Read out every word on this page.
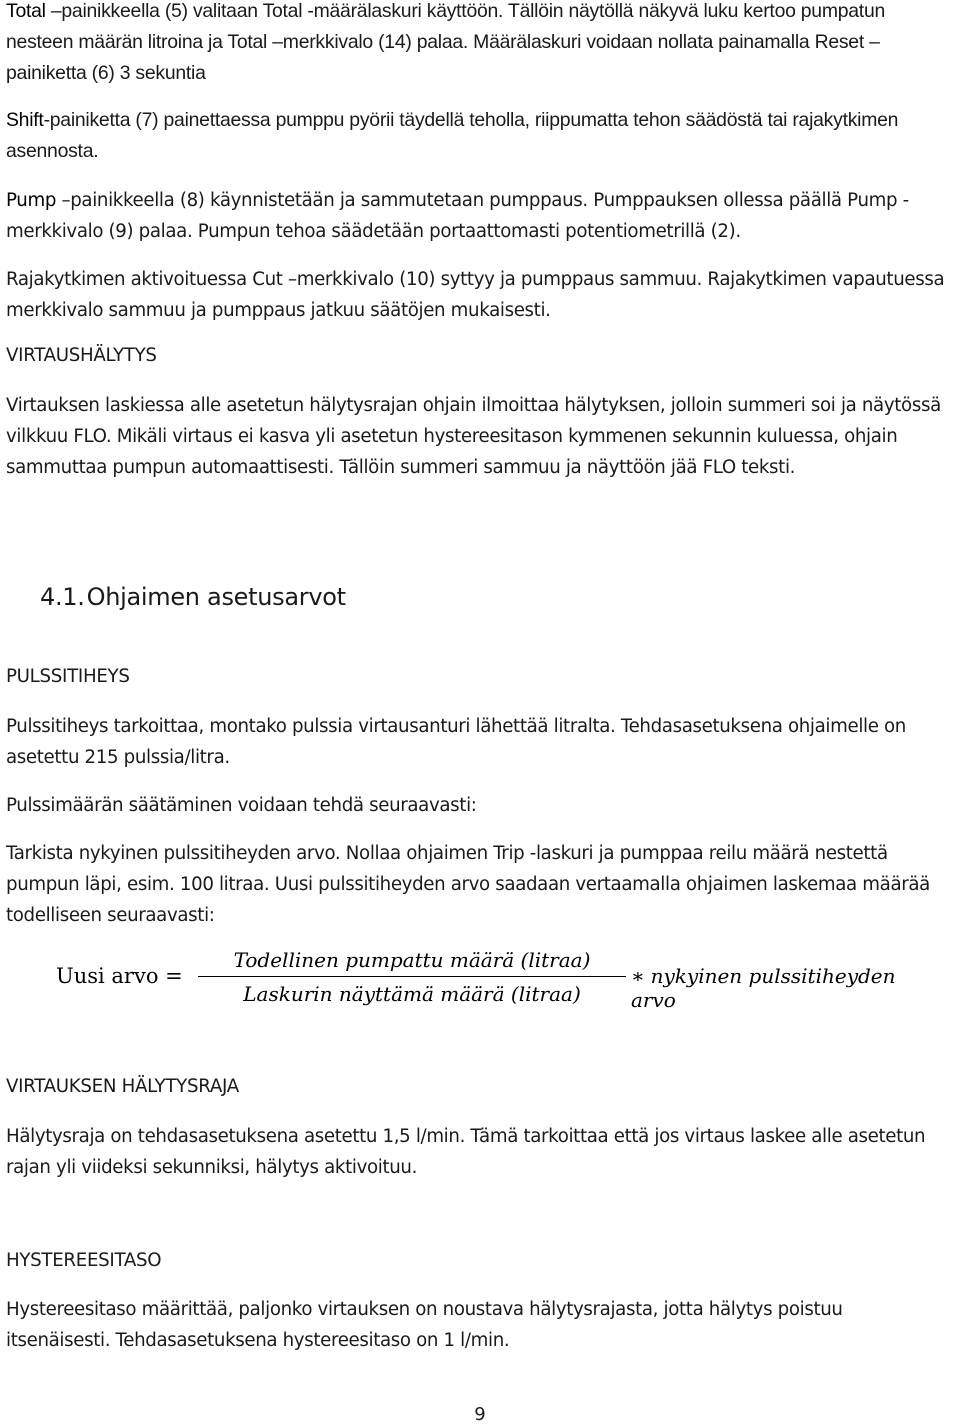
Total –painikkeella (5) valitaan Total -määrälaskuri käyttöön. Tällöin näytöllä näkyvä luku kertoo pumpatun nesteen määrän litroina ja Total –merkkivalo (14) palaa. Määrälaskuri voidaan nollata painamalla Reset –painiketta (6) 3 sekuntia

Shift-painiketta (7) painettaessa pumppu pyörii täydellä teholla, riippumatta tehon säädöstä tai rajakytkimen asennosta.

Pump –painikkeella (8) käynnistetään ja sammutetaan pumppaus. Pumppauksen ollessa päällä Pump -merkkivalo (9) palaa. Pumpun tehoa säädetään portaattomasti potentiometrillä (2).

Rajakytkimen aktivoituessa Cut –merkkivalo (10) syttyy ja pumppaus sammuu. Rajakytkimen vapautuessa merkkivalo sammuu ja pumppaus jatkuu säätöjen mukaisesti.

VIRTAUSHÄLYTYS

Virtauksen laskiessa alle asetetun hälytysrajan ohjain ilmoittaa hälytyksen, jolloin summeri soi ja näytössä vilkkuu FLO. Mikäli virtaus ei kasva yli asetetun hystereesitason kymmenen sekunnin kuluessa, ohjain sammuttaa pumpun automaattisesti. Tällöin summeri sammuu ja näyttöön jää FLO teksti.

4.1.Ohjaimen asetusarvot
PULSSITIHEYS

Pulssitiheys tarkoittaa, montako pulssia virtausanturi lähettää litralta. Tehdasasetuksena ohjaimelle on asetettu 215 pulssia/litra.

Pulssimäärän säätäminen voidaan tehdä seuraavasti:

Tarkista nykyinen pulssitiheyden arvo. Nollaa ohjaimen Trip -laskuri ja pumppaa reilu määrä nestettä pumpun läpi, esim. 100 litraa. Uusi pulssitiheyden arvo saadaan vertaamalla ohjaimen laskemaa määrää todelliseen seuraavasti:

Uusi arvo =
Todellinen pumpattu määrä (litraa)
Laskurin näyttämä määrä (litraa)
∗ nykyinen pulssitiheyden arvo
VIRTAUKSEN HÄLYTYSRAJA

Hälytysraja on tehdasasetuksena asetettu 1,5 l/min. Tämä tarkoittaa että jos virtaus laskee alle asetetun rajan yli viideksi sekunniksi, hälytys aktivoituu.

HYSTEREESITASO

Hystereesitaso määrittää, paljonko virtauksen on noustava hälytysrajasta, jotta hälytys poistuu itsenäisesti. Tehdasasetuksena hystereesitaso on 1 l/min.

9
